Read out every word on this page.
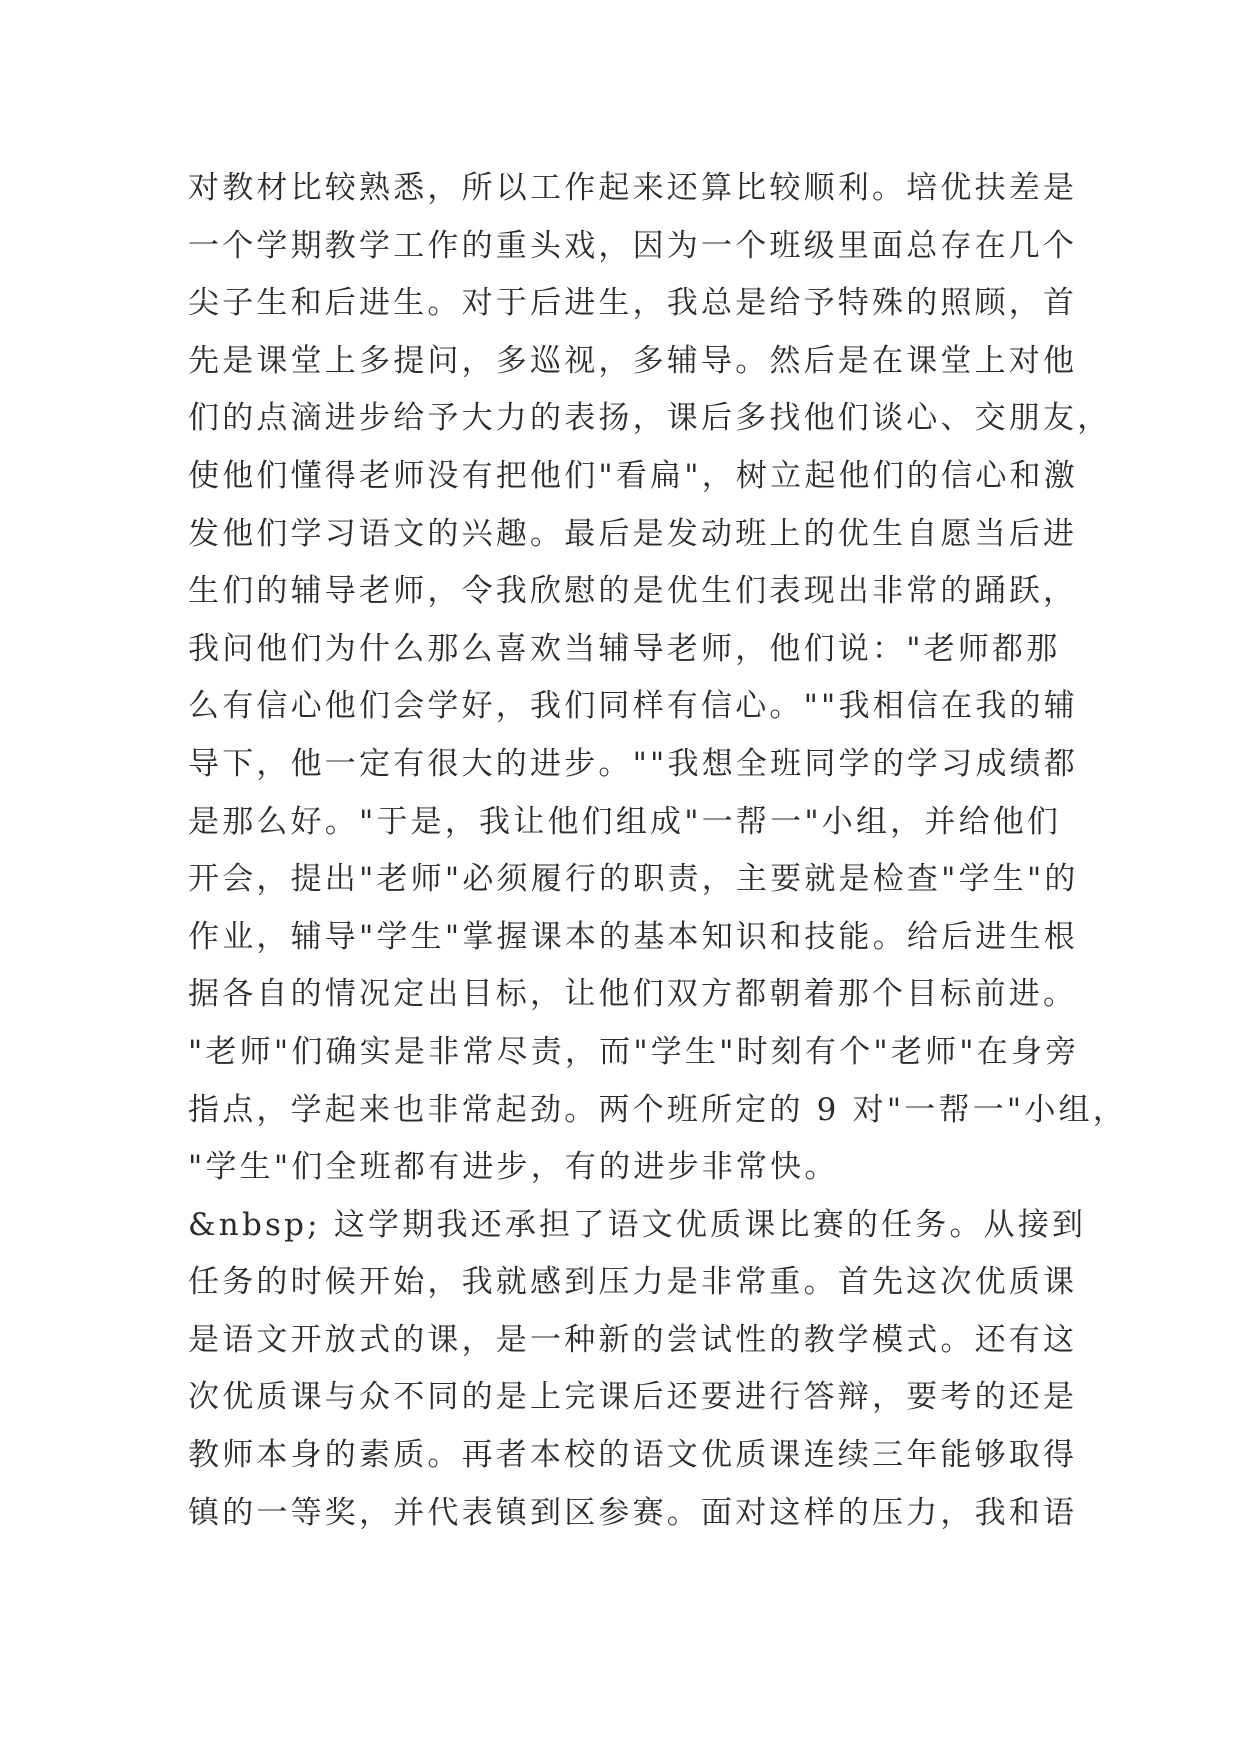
对教材比较熟悉，所以工作起来还算比较顺利。培优扶差是
一个学期教学工作的重头戏，因为一个班级里面总存在几个
尖子生和后进生。对于后进生，我总是给予特殊的照顾，首
先是课堂上多提问，多巡视，多辅导。然后是在课堂上对他
们的点滴进步给予大力的表扬，课后多找他们谈心、交朋友，
使他们懂得老师没有把他们"看扁"，树立起他们的信心和激
发他们学习语文的兴趣。最后是发动班上的优生自愿当后进
生们的辅导老师，令我欣慰的是优生们表现出非常的踊跃，
我问他们为什么那么喜欢当辅导老师，他们说："老师都那
么有信心他们会学好，我们同样有信心。""我相信在我的辅
导下，他一定有很大的进步。""我想全班同学的学习成绩都
是那么好。"于是，我让他们组成"一帮一"小组，并给他们
开会，提出"老师"必须履行的职责，主要就是检查"学生"的
作业，辅导"学生"掌握课本的基本知识和技能。给后进生根
据各自的情况定出目标，让他们双方都朝着那个目标前进。
"老师"们确实是非常尽责，而"学生"时刻有个"老师"在身旁
指点，学起来也非常起劲。两个班所定的 9 对"一帮一"小组，
"学生"们全班都有进步，有的进步非常快。
&nbsp; 这学期我还承担了语文优质课比赛的任务。从接到
任务的时候开始，我就感到压力是非常重。首先这次优质课
是语文开放式的课，是一种新的尝试性的教学模式。还有这
次优质课与众不同的是上完课后还要进行答辩，要考的还是
教师本身的素质。再者本校的语文优质课连续三年能够取得
镇的一等奖，并代表镇到区参赛。面对这样的压力，我和语
